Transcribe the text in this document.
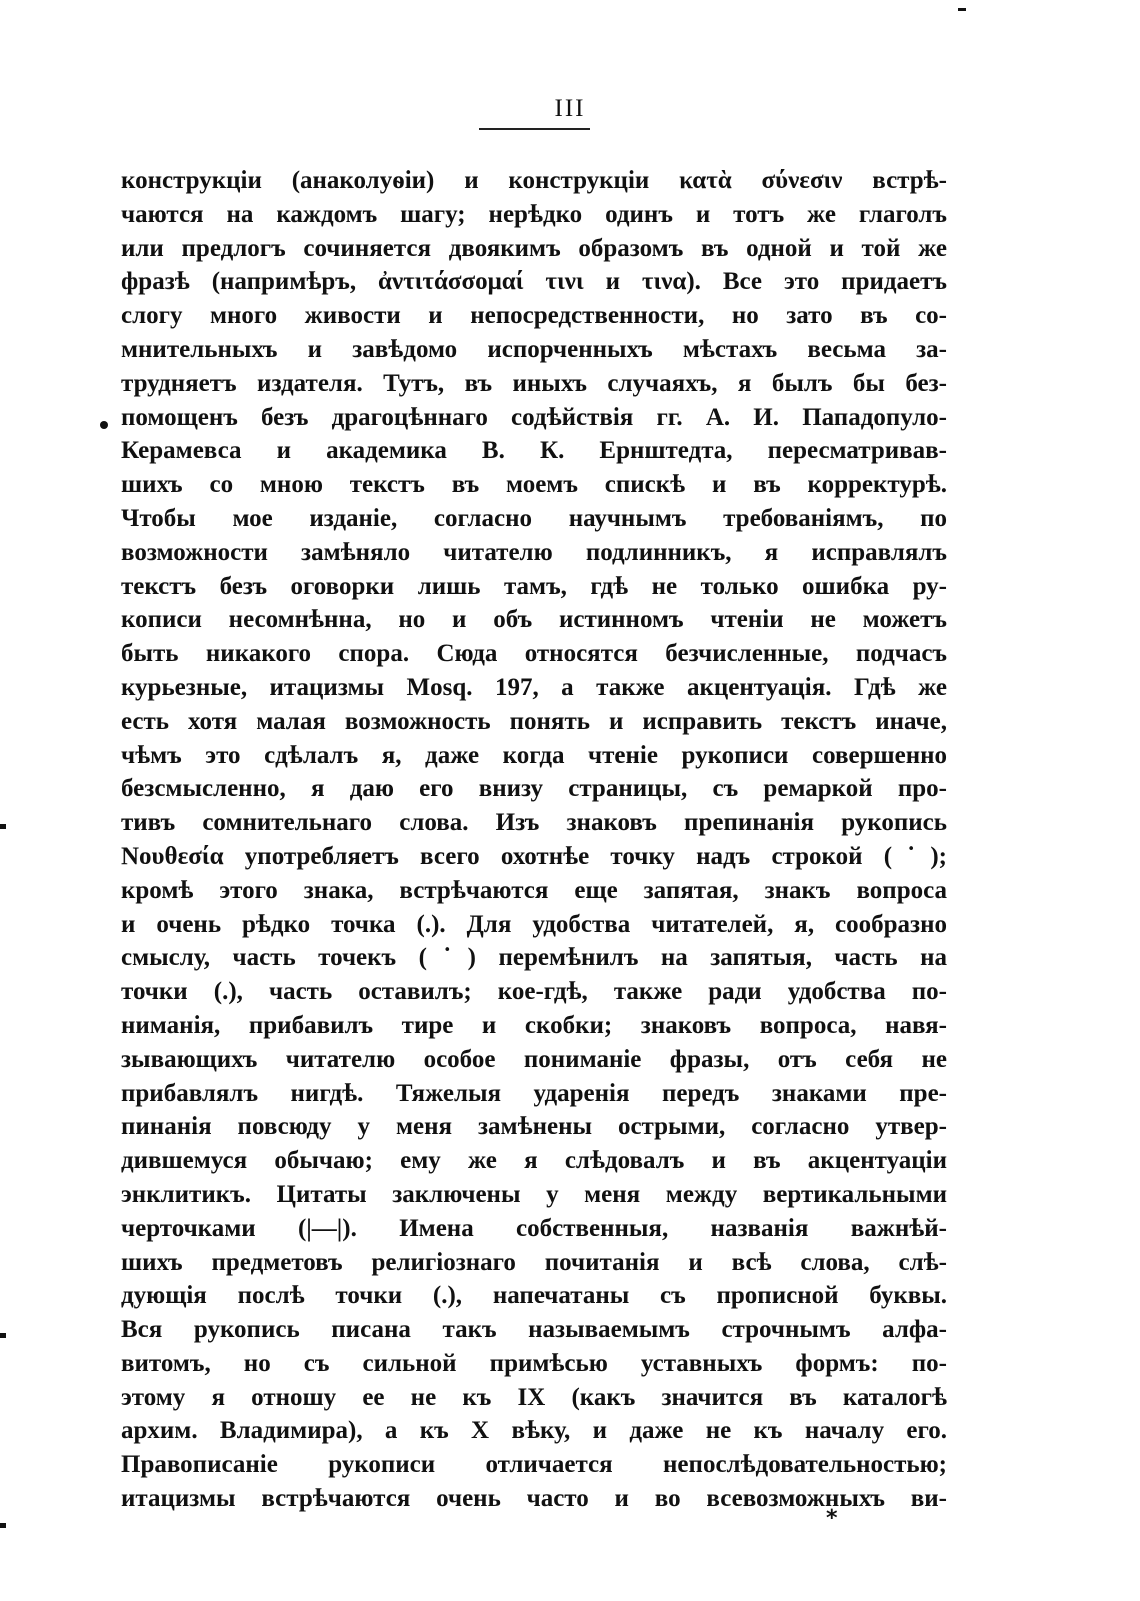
III
конструкціи (анаколуѳіи) и конструкціи κατὰ σύνεσιν встрѣ-
чаются на каждомъ шагу; нерѣдко одинъ и тотъ же глаголъ
или предлогъ сочиняется двоякимъ образомъ въ одной и той же
фразѣ (напримѣръ, ἀντιτάσσομαί τινι и τινα). Все это придаетъ
слогу много живости и непосредственности, но зато въ со-
мнительныхъ и завѣдомо испорченныхъ мѣстахъ весьма за-
трудняетъ издателя. Тутъ, въ иныхъ случаяхъ, я былъ бы без-
помощенъ безъ драгоцѣннаго содѣйствія гг. А. И. Пападопуло-
Керамевса и академика В. К. Ернштедта, пересматривав-
шихъ со мною текстъ въ моемъ спискѣ и въ корректурѣ.
Чтобы мое изданіе, согласно научнымъ требованіямъ, по
возможности замѣняло читателю подлинникъ, я исправлялъ
текстъ безъ оговорки лишь тамъ, гдѣ не только ошибка ру-
кописи несомнѣнна, но и объ истинномъ чтеніи не можетъ
быть никакого спора. Сюда относятся безчисленные, подчасъ
курьезные, итацизмы Mosq. 197, а также акцентуація. Гдѣ же
есть хотя малая возможность понять и исправить текстъ иначе,
чѣмъ это сдѣлалъ я, даже когда чтеніе рукописи совершенно
безсмысленно, я даю его внизу страницы, съ ремаркой про-
тивъ сомнительнаго слова. Изъ знаковъ препинанія рукопись
Νουθεσία употребляетъ всего охотнѣе точку надъ строкой (˙);
кромѣ этого знака, встрѣчаются еще запятая, знакъ вопроса
и очень рѣдко точка (.). Для удобства читателей, я, сообразно
смыслу, часть точекъ (˙) перемѣнилъ на запятыя, часть на
точки (.), часть оставилъ; кое-гдѣ, также ради удобства по-
ниманія, прибавилъ тире и скобки; знаковъ вопроса, навя-
зывающихъ читателю особое пониманіе фразы, отъ себя не
прибавлялъ нигдѣ. Тяжелыя ударенія передъ знаками пре-
пинанія повсюду у меня замѣнены острыми, согласно утвер-
дившемуся обычаю; ему же я слѣдовалъ и въ акцентуаціи
энклитикъ. Цитаты заключены у меня между вертикальными
черточками (|—|). Имена собственныя, названія важнѣй-
шихъ предметовъ религіознаго почитанія и всѣ слова, слѣ-
дующія послѣ точки (.), напечатаны съ прописной буквы.
Вся рукопись писана такъ называемымъ строчнымъ алфа-
витомъ, но съ сильной примѣсью уставныхъ формъ: по-
этому я отношу ее не къ IX (какъ значится въ каталогѣ
архим. Владимира), а къ X вѣку, и даже не къ началу его.
Правописаніе рукописи отличается непослѣдовательностью;
итацизмы встрѣчаются очень часто и во всевозможныхъ ви-
*
